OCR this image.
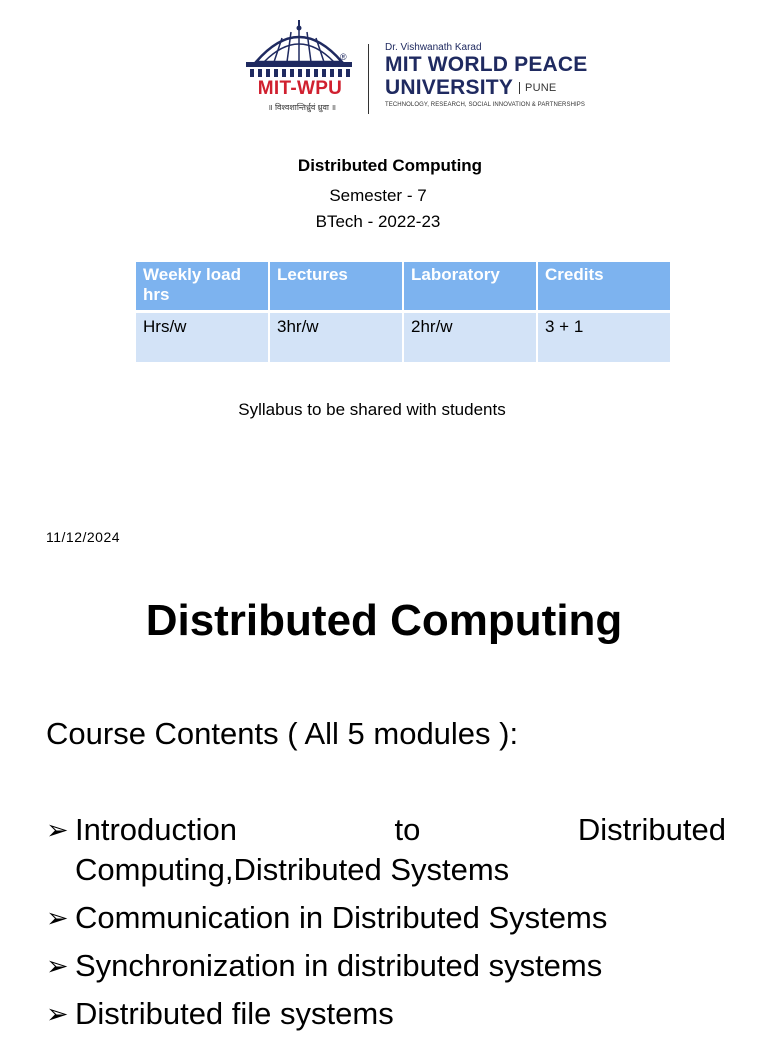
®
MIT-WPU
॥ विश्वशान्तिर्ध्रुवं ध्रुवा ॥
Dr. Vishwanath Karad
MIT WORLD PEACE
UNIVERSITY PUNE
TECHNOLOGY, RESEARCH, SOCIAL INNOVATION & PARTNERSHIPS
Distributed Computing
Semester - 7
BTech - 2022-23
Weekly load hrs	Lectures	Laboratory	Credits
Hrs/w	3hr/w	2hr/w	3 + 1
Syllabus to be shared with students
11/12/2024
Distributed Computing
Course Contents ( All 5 modules ):
➢ Introduction to Distributed Computing,Distributed Systems
➢ Communication in Distributed Systems
➢ Synchronization in distributed systems
➢ Distributed file systems
